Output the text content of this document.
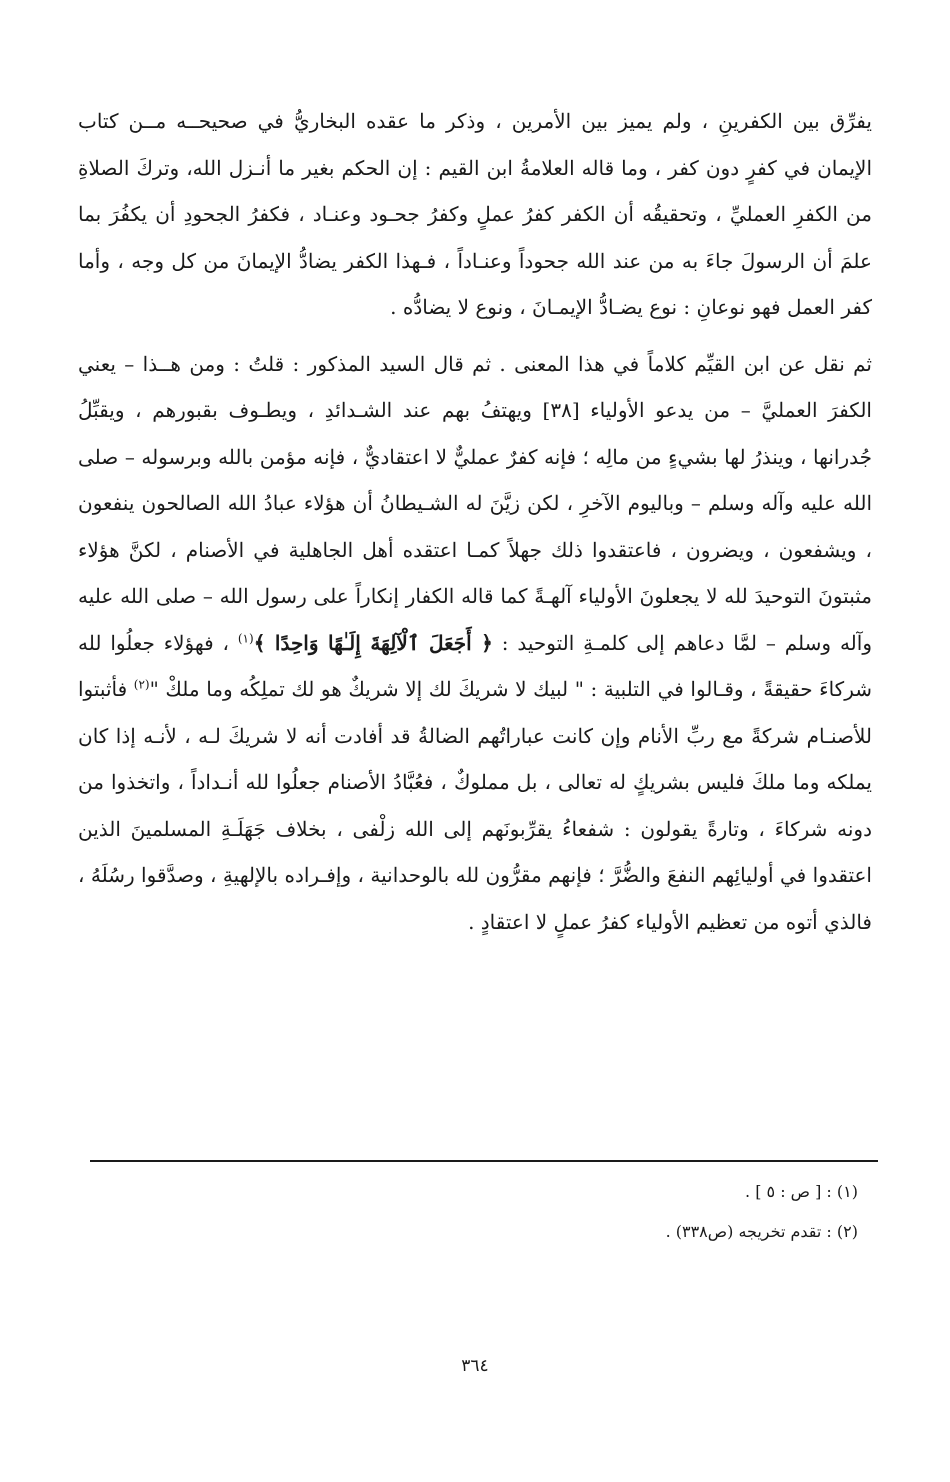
يفرِّق بين الكفرينِ ، ولم يميز بين الأمرين ، وذكر ما عقده البخاريُّ في صحيحــه مــن كتاب الإيمان في كفرٍ دون كفر ، وما قاله العلامةُ ابن القيم : إن الحكم بغير ما أنـزل الله، وتركَ الصلاةِ من الكفرِ العمليِّ ، وتحقيقُه أن الكفر كفرُ عملٍ وكفرُ جحـود وعنـاد ، فكفرُ الجحودِ أن يكفُرَ بما علمَ أن الرسولَ جاءَ به من عند الله جحوداً وعنـاداً ، فـهذا الكفر يضادُّ الإيمانَ من كل وجه ، وأما كفر العمل فهو نوعانِ : نوع يضـادُّ الإيمـانَ ، ونوع لا يضادُّه .

ثم نقل عن ابن القيِّم كلاماً في هذا المعنى . ثم قال السيد المذكور : قلتُ : ومن هــذا – يعني الكفرَ العمليَّ – من يدعو الأولياء [٣٨] ويهتفُ بهم عند الشـدائدِ ، ويطـوف بقبورهم ، ويقبِّلُ جُدرانها ، وينذرُ لها بشيءٍ من مالِه ؛ فإنه كفرٌ عمليٌّ لا اعتقاديٌّ ، فإنه مؤمن بالله وبرسوله – صلى الله عليه وآله وسلم – وباليوم الآخرِ ، لكن زيَّنَ له الشـيطانُ أن هؤلاء عبادُ الله الصالحون ينفعون ، ويشفعون ، ويضرون ، فاعتقدوا ذلك جهلاً كمـا اعتقده أهل الجاهلية في الأصنام ، لكنَّ هؤلاء مثبتونَ التوحيدَ لله لا يجعلونَ الأولياء آلهـةً كما قاله الكفار إنكاراً على رسول الله – صلى الله عليه وآله وسلم – لمَّا دعاهم إلى كلمـةِ التوحيد : ﴿ أَجَعَلَ ٱلْآلِهَةَ إِلَـٰهًا وَاحِدًا ﴾$^{(١)}$ ، فهؤلاء جعلُوا لله شركاءَ حقيقةً ، وقـالوا في التلبية : " لبيك لا شريكَ لك إلا شريكٌ هو لك تملِكُه وما ملكْ "$^{(٢)}$ فأثبتوا للأصنـام شركةً مع ربِّ الأنام وإن كانت عباراتُهم الضالةُ قد أفادت أنه لا شريكَ لـه ، لأنـه إذا كان يملكه وما ملكَ فليس بشريكٍ له تعالى ، بل مملوكٌ ، فعُبَّادُ الأصنام جعلُوا لله أنـداداً ، واتخذوا من دونه شركاءَ ، وتارةً يقولون : شفعاءُ يقرِّبونَهم إلى الله زلْفى ، بخلاف جَهَلَـةِ المسلمينَ الذين اعتقدوا في أوليائِهم النفعَ والضُّرَّ ؛ فإنهم مقرُّون لله بالوحدانية ، وإفـراده بالإلهيةِ ، وصدَّقوا رسُلَهُ ، فالذي أتوه من تعظيم الأولياء كفرُ عملٍ لا اعتقادٍ .

(١) : [ ص : ٥ ] .

(٢) : تقدم تخريجه (ص٣٣٨) .

٣٦٤
